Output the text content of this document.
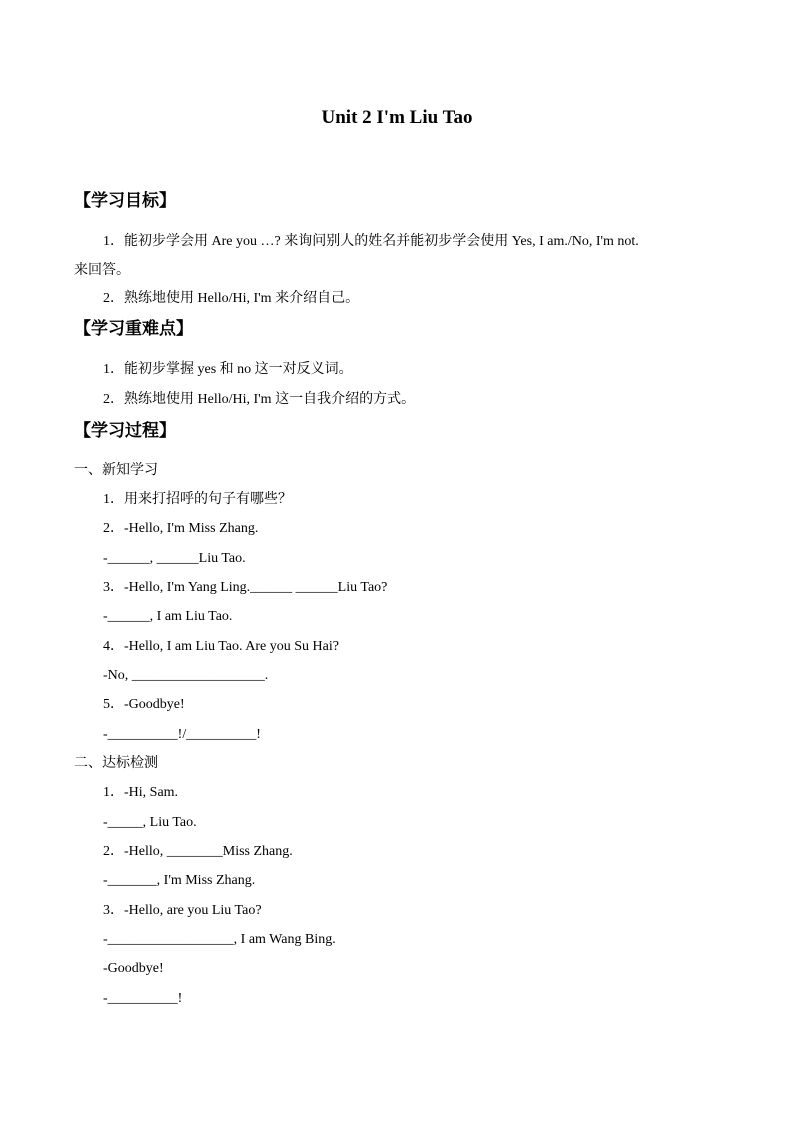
Unit 2 I'm Liu Tao
【学习目标】
1．能初步学会用 Are you …? 来询问别人的姓名并能初步学会使用 Yes, I am./No, I'm not.
来回答。
2．熟练地使用 Hello/Hi, I'm 来介绍自己。
【学习重难点】
1．能初步掌握 yes 和 no 这一对反义词。
2．熟练地使用 Hello/Hi, I'm 这一自我介绍的方式。
【学习过程】
一、新知学习
1．用来打招呼的句子有哪些？
2．-Hello, I'm Miss Zhang.
-______, ______Liu Tao.
3．-Hello, I'm Yang Ling.______ ______Liu Tao?
-______, I am Liu Tao.
4．-Hello, I am Liu Tao. Are you Su Hai?
-No, ___________________.
5．-Goodbye!
-__________!/__________!
二、达标检测
1．-Hi, Sam.
-_____, Liu Tao.
2．-Hello, ________Miss Zhang.
-_______, I'm Miss Zhang.
3．-Hello, are you Liu Tao?
-__________________, I am Wang Bing.
-Goodbye!
-__________!
